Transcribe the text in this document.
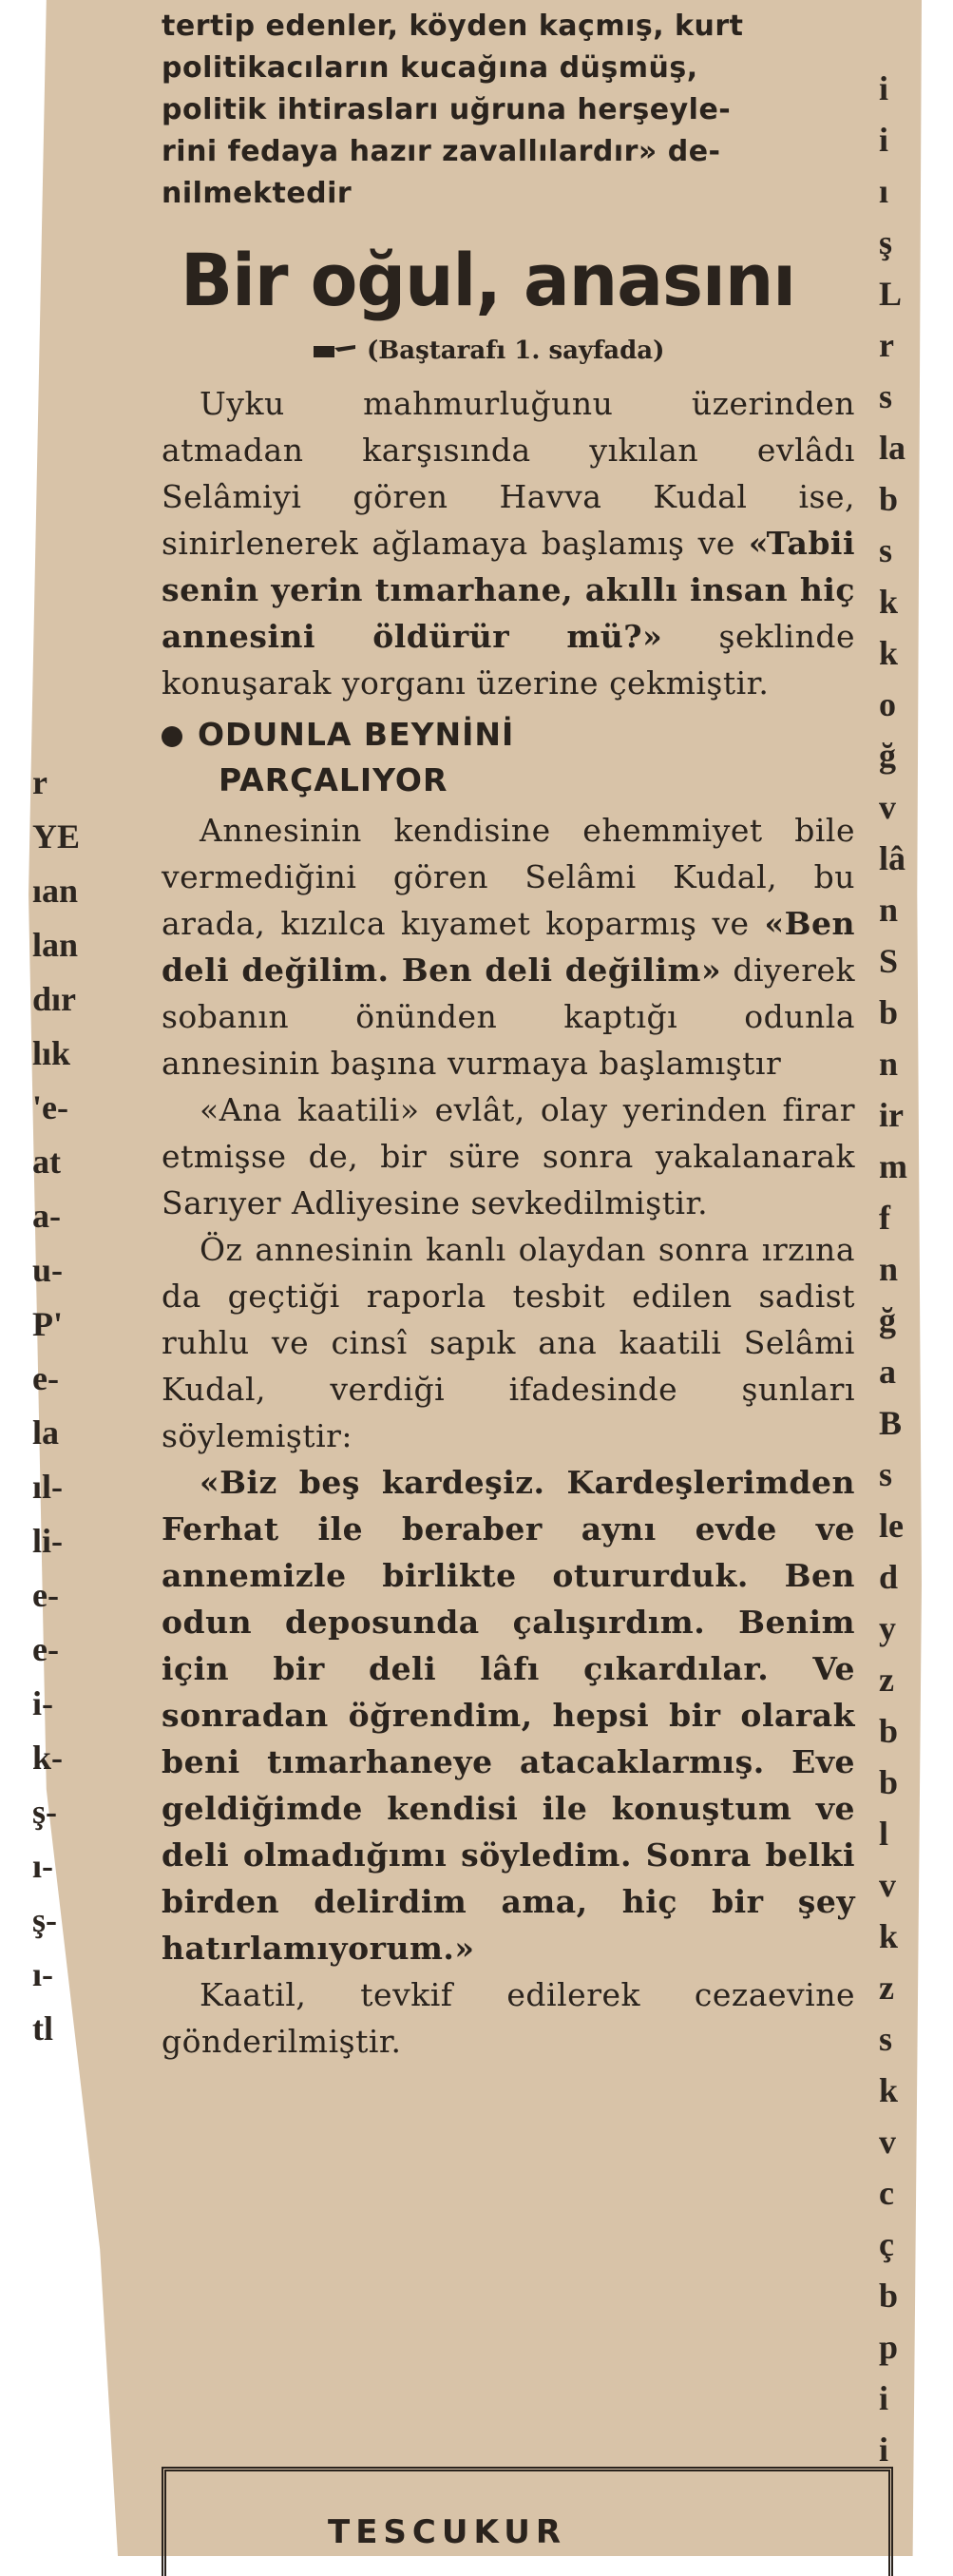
r
YE
ıan
lan
dır
lık
'e-
at
a-
u-
P'
e-
la
ıl-
li-
e-
e-
i-
k-
ş-
ı-
ş-
ı-
tl
i
i
ı
ş
L
r
s
la
b
s
k
k
o
ğ
v
lâ
n
S
b
n
ir
m
f
n
ğ
a
B
s
le
d
y
z
b
b
l
v
k
z
s
k
v
c
ç
b
p
i
i

tertip edenler, köyden kaçmış, kurt

politikacıların kucağına düşmüş,

politik ihtirasları uğruna herşeyle-

rini fedaya hazır zavallılardır» de-

nilmektedir

Bir oğul, anasını
(Baştarafı 1. sayfada)

Uyku mahmurluğunu üzerinden atmadan karşısında yıkılan evlâdı Selâmiyi gören Havva Kudal ise, sinirlenerek ağlamaya başlamış ve «Tabii senin yerin tımarhane, akıllı insan hiç annesini öldürür mü?» şeklinde konuşarak yorganı üzerine çekmiştir.

ODUNLA BEYNİNİ
PARÇALIYOR

Annesinin kendisine ehemmiyet bile vermediğini gören Selâmi Kudal, bu arada, kızılca kıyamet koparmış ve «Ben deli değilim. Ben deli değilim» diyerek sobanın önünden kaptığı odunla annesinin başına vurmaya başlamıştır

«Ana kaatili» evlât, olay yerinden firar etmişse de, bir süre sonra yakalanarak Sarıyer Adliyesine sevkedilmiştir.

Öz annesinin kanlı olaydan sonra ırzına da geçtiği raporla tesbit edilen sadist ruhlu ve cinsî sapık ana kaatili Selâmi Kudal, verdiği ifadesinde şunları söylemiştir:

«Biz beş kardeşiz. Kardeşlerimden Ferhat ile beraber aynı evde ve annemizle birlikte otururduk. Ben odun deposunda çalışırdım. Benim için bir deli lâfı çıkardılar. Ve sonradan öğrendim, hepsi bir olarak beni tımarhaneye atacaklarmış. Eve geldiğimde kendisi ile konuştum ve deli olmadığımı söyledim. Sonra belki birden delirdim ama, hiç bir şey hatırlamıyorum.»

Kaatil, tevkif edilerek cezaevine gönderilmiştir.

TESCUKUR
